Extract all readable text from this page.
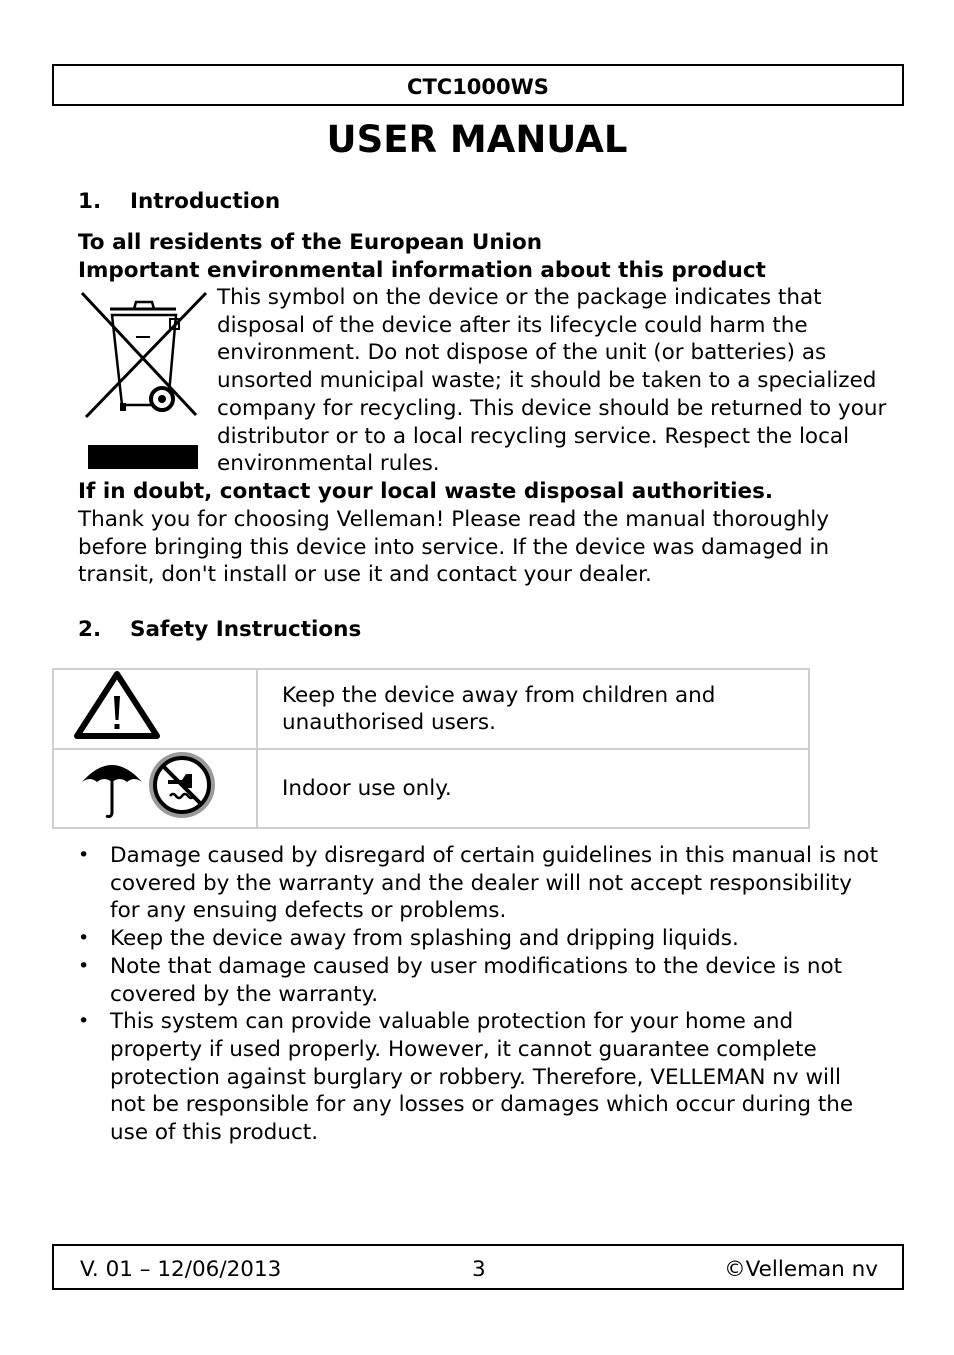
CTC1000WS
USER MANUAL
1. Introduction
To all residents of the European Union
Important environmental information about this product
This symbol on the device or the package indicates that disposal of the device after its lifecycle could harm the environment. Do not dispose of the unit (or batteries) as unsorted municipal waste; it should be taken to a specialized company for recycling. This device should be returned to your distributor or to a local recycling service. Respect the local environmental rules.
If in doubt, contact your local waste disposal authorities.
Thank you for choosing Velleman! Please read the manual thoroughly before bringing this device into service. If the device was damaged in transit, don't install or use it and contact your dealer.
2. Safety Instructions
	Keep the device away from children and unauthorised users.
	Indoor use only.
• Damage caused by disregard of certain guidelines in this manual is not covered by the warranty and the dealer will not accept responsibility for any ensuing defects or problems.
• Keep the device away from splashing and dripping liquids.
• Note that damage caused by user modifications to the device is not covered by the warranty.
• This system can provide valuable protection for your home and property if used properly. However, it cannot guarantee complete protection against burglary or robbery. Therefore, VELLEMAN nv will not be responsible for any losses or damages which occur during the use of this product.
V. 01 – 12/06/2013	3	©Velleman nv
